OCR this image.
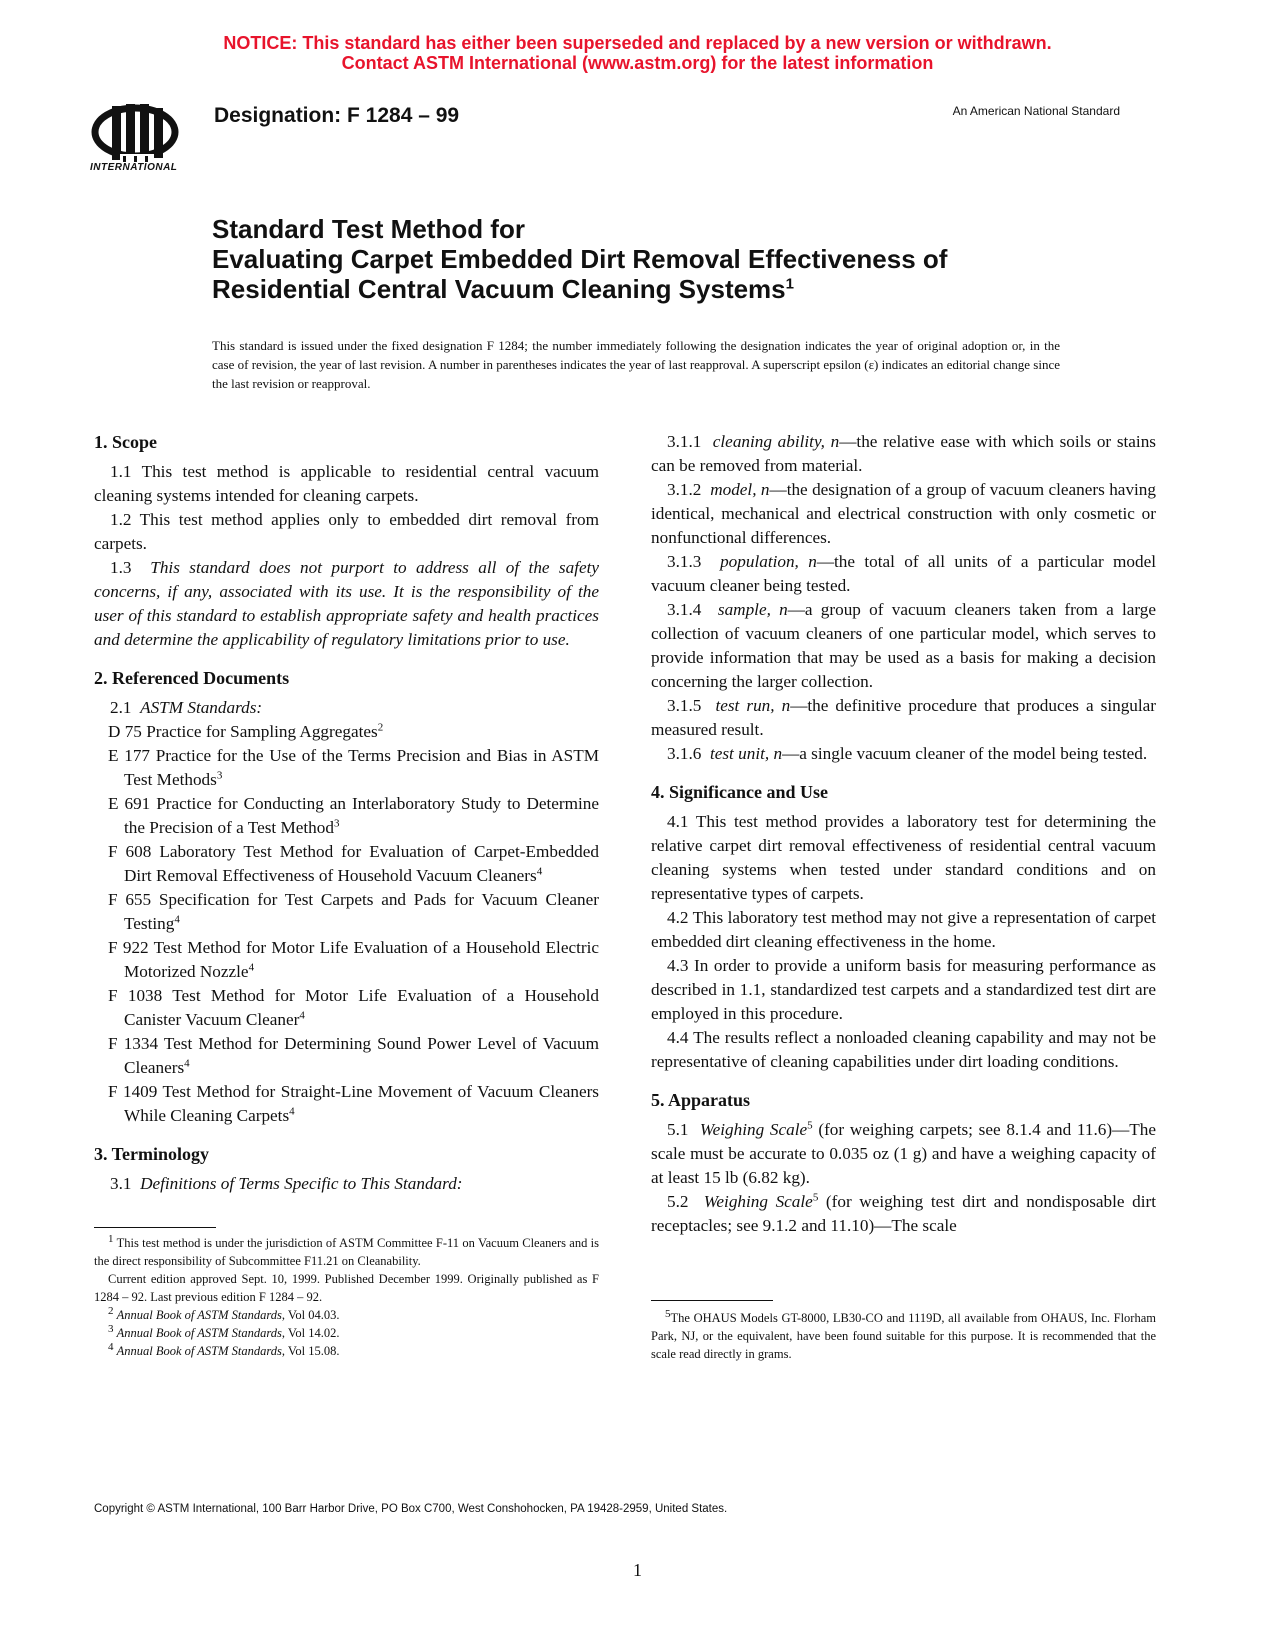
NOTICE: This standard has either been superseded and replaced by a new version or withdrawn.
Contact ASTM International (www.astm.org) for the latest information
INTERNATIONAL
Designation: F 1284 – 99	An American National Standard
Standard Test Method for
Evaluating Carpet Embedded Dirt Removal Effectiveness of
Residential Central Vacuum Cleaning Systems$^1$
This standard is issued under the fixed designation F 1284; the number immediately following the designation indicates the year of original adoption or, in the case of revision, the year of last revision. A number in parentheses indicates the year of last reapproval. A superscript epsilon (ε) indicates an editorial change since the last revision or reapproval.
1. Scope

1.1 This test method is applicable to residential central vacuum cleaning systems intended for cleaning carpets.

1.2 This test method applies only to embedded dirt removal from carpets.

1.3 This standard does not purport to address all of the safety concerns, if any, associated with its use. It is the responsibility of the user of this standard to establish appropriate safety and health practices and determine the applicability of regulatory limitations prior to use.

2. Referenced Documents

2.1 ASTM Standards:

D 75 Practice for Sampling Aggregates$^2$
E 177 Practice for the Use of the Terms Precision and Bias in ASTM Test Methods$^3$
E 691 Practice for Conducting an Interlaboratory Study to Determine the Precision of a Test Method$^3$
F 608 Laboratory Test Method for Evaluation of Carpet-Embedded Dirt Removal Effectiveness of Household Vacuum Cleaners$^4$
F 655 Specification for Test Carpets and Pads for Vacuum Cleaner Testing$^4$
F 922 Test Method for Motor Life Evaluation of a Household Electric Motorized Nozzle$^4$
F 1038 Test Method for Motor Life Evaluation of a Household Canister Vacuum Cleaner$^4$
F 1334 Test Method for Determining Sound Power Level of Vacuum Cleaners$^4$
F 1409 Test Method for Straight-Line Movement of Vacuum Cleaners While Cleaning Carpets$^4$
3. Terminology

3.1 Definitions of Terms Specific to This Standard:

$^1$ This test method is under the jurisdiction of ASTM Committee F-11 on Vacuum Cleaners and is the direct responsibility of Subcommittee F11.21 on Cleanability.

Current edition approved Sept. 10, 1999. Published December 1999. Originally published as F 1284 – 92. Last previous edition F 1284 – 92.

$^2$ Annual Book of ASTM Standards, Vol 04.03.

$^3$ Annual Book of ASTM Standards, Vol 14.02.

$^4$ Annual Book of ASTM Standards, Vol 15.08.

3.1.1 cleaning ability, n—the relative ease with which soils or stains can be removed from material.

3.1.2 model, n—the designation of a group of vacuum cleaners having identical, mechanical and electrical construction with only cosmetic or nonfunctional differences.

3.1.3 population, n—the total of all units of a particular model vacuum cleaner being tested.

3.1.4 sample, n—a group of vacuum cleaners taken from a large collection of vacuum cleaners of one particular model, which serves to provide information that may be used as a basis for making a decision concerning the larger collection.

3.1.5 test run, n—the definitive procedure that produces a singular measured result.

3.1.6 test unit, n—a single vacuum cleaner of the model being tested.

4. Significance and Use

4.1 This test method provides a laboratory test for determining the relative carpet dirt removal effectiveness of residential central vacuum cleaning systems when tested under standard conditions and on representative types of carpets.

4.2 This laboratory test method may not give a representation of carpet embedded dirt cleaning effectiveness in the home.

4.3 In order to provide a uniform basis for measuring performance as described in 1.1, standardized test carpets and a standardized test dirt are employed in this procedure.

4.4 The results reflect a nonloaded cleaning capability and may not be representative of cleaning capabilities under dirt loading conditions.

5. Apparatus

5.1 Weighing Scale$^5$ (for weighing carpets; see 8.1.4 and 11.6)—The scale must be accurate to 0.035 oz (1 g) and have a weighing capacity of at least 15 lb (6.82 kg).

5.2 Weighing Scale$^5$ (for weighing test dirt and nondisposable dirt receptacles; see 9.1.2 and 11.10)—The scale

$^5$The OHAUS Models GT-8000, LB30-CO and 1119D, all available from OHAUS, Inc. Florham Park, NJ, or the equivalent, have been found suitable for this purpose. It is recommended that the scale read directly in grams.

Copyright © ASTM International, 100 Barr Harbor Drive, PO Box C700, West Conshohocken, PA 19428-2959, United States.
1
